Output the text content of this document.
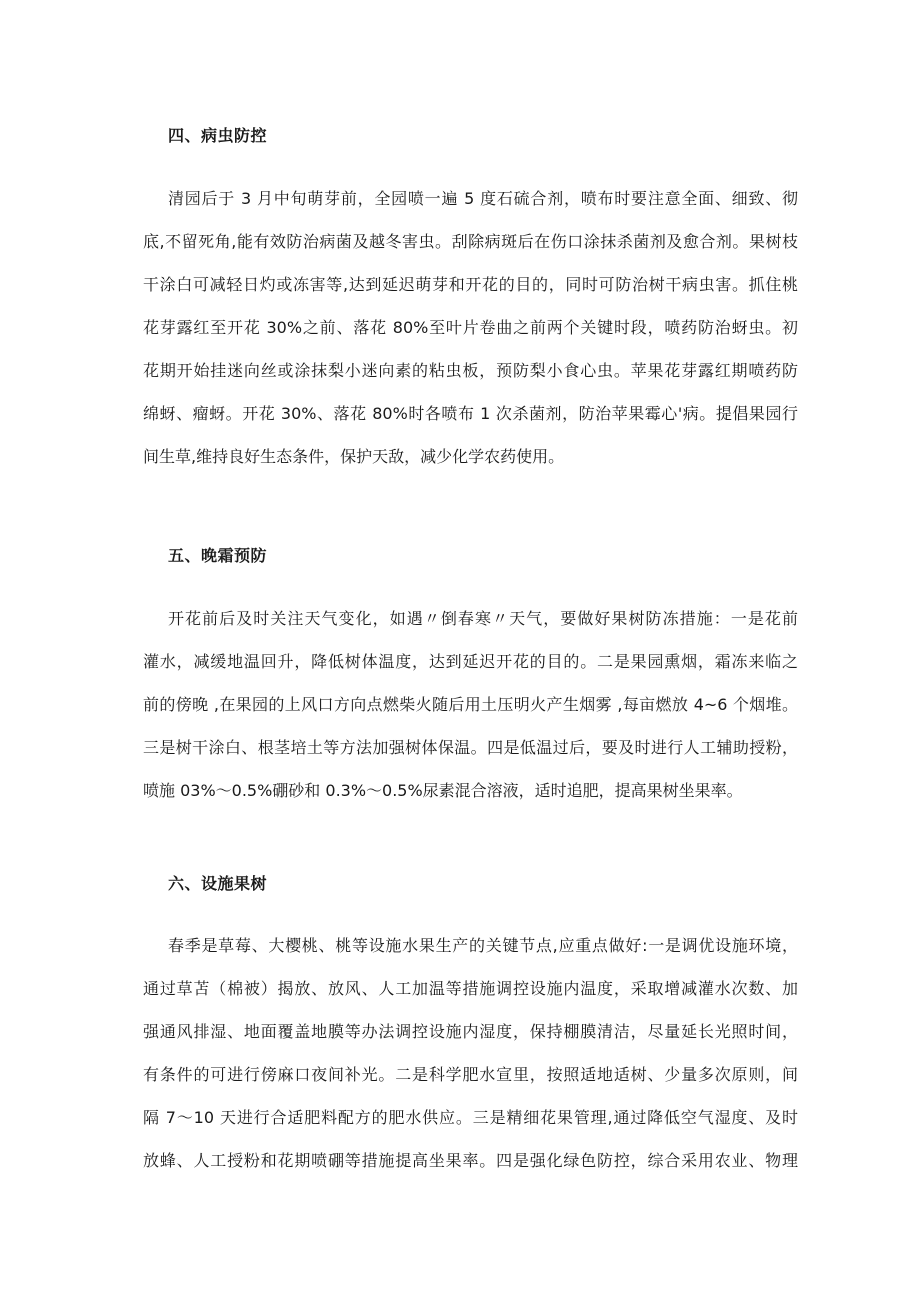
四、病虫防控
清园后于 3 月中旬萌芽前，全园喷一遍 5 度石硫合剂，喷布时要注意全面、细致、彻
底,不留死角,能有效防治病菌及越冬害虫。刮除病斑后在伤口涂抹杀菌剂及愈合剂。果树枝
干涂白可减轻日灼或冻害等,达到延迟萌芽和开花的目的，同时可防治树干病虫害。抓住桃
花芽露红至开花 30%之前、落花 80%至叶片卷曲之前两个关键时段，喷药防治蚜虫。初
花期开始挂迷向丝或涂抹梨小迷向素的粘虫板，预防梨小食心虫。苹果花芽露红期喷药防
绵蚜、瘤蚜。开花 30%、落花 80%时各喷布 1 次杀菌剂，防治苹果霉心'病。提倡果园行
间生草,维持良好生态条件，保护天敌，减少化学农药使用。
五、晚霜预防
开花前后及时关注天气变化，如遇〃倒春寒〃天气，要做好果树防冻措施：一是花前
灌水，减缓地温回升，降低树体温度，达到延迟开花的目的。二是果园熏烟，霜冻来临之
前的傍晚 ,在果园的上风口方向点燃柴火随后用土压明火产生烟雾 ,每亩燃放 4~6 个烟堆。
三是树干涂白、根茎培土等方法加强树体保温。四是低温过后，要及时进行人工辅助授粉，
喷施 03%～0.5%硼砂和 0.3%～0.5%尿素混合溶液，适时追肥，提高果树坐果率。
六、设施果树
春季是草莓、大樱桃、桃等设施水果生产的关键节点,应重点做好:一是调优设施环境，
通过草苫（棉被）揭放、放风、人工加温等措施调控设施内温度，采取增减灌水次数、加
强通风排湿、地面覆盖地膜等办法调控设施内湿度，保持棚膜清洁，尽量延长光照时间，
有条件的可进行傍麻口夜间补光。二是科学肥水宣里，按照适地适树、少量多次原则，间
隔 7～10 天进行合适肥料配方的肥水供应。三是精细花果管理,通过降低空气湿度、及时
放蜂、人工授粉和花期喷硼等措施提高坐果率。四是强化绿色防控，综合采用农业、物理
